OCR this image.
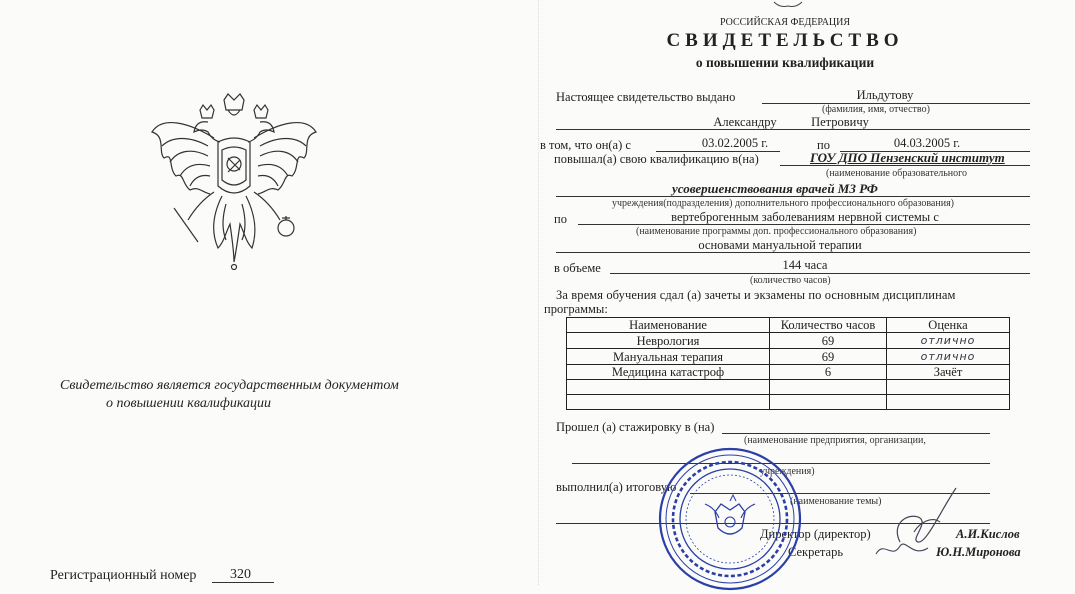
Свидетельство является государственным документом
о повышении квалификации
Регистрационный номер 320
РОССИЙСКАЯ ФЕДЕРАЦИЯ
СВИДЕТЕЛЬСТВО
о повышении квалификации
Настоящее свидетельство выдано	Ильдутову
(фамилия, имя, отчество)
Александру	Петровичу
в том, что он(а) с	03.02.2005 г.	по	04.03.2005 г.
повышал(а) свою квалификацию в(на)	ГОУ ДПО Пензенский институт
(наименование образовательного
усовершенствования врачей МЗ РФ
учреждения(подразделения) дополнительного профессионального образования)
по	вертеброгенным заболеваниям нервной системы с
(наименование программы доп. профессионального образования)
основами мануальной терапии
в объеме	144 часа
(количество часов)
За время обучения сдал (а) зачеты и экзамены по основным дисциплинам
программы:
Наименование	Количество часов	Оценка
Неврология	69	отлично
Мануальная терапия	69	отлично
Медицина катастроф	6	Зачёт

Прошел (а) стажировку в (на)
(наименование предприятия, организации,
учреждения)
выполнил(а) итоговую
(наименование темы)
Директор (директор)	А.И.Кислов
Секретарь	Ю.Н.Миронова
